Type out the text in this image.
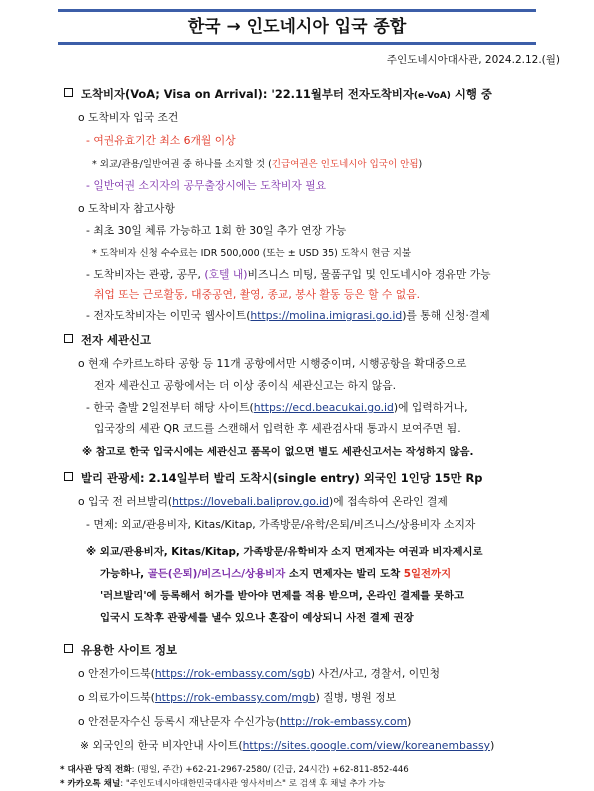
한국 → 인도네시아 입국 종합
주인도네시아대사관, 2024.2.12.(월)
도착비자(VoA; Visa on Arrival): '22.11월부터 전자도착비자(e-VoA) 시행 중
o 도착비자 입국 조건
- 여권유효기간 최소 6개월 이상
* 외교/관용/일반여권 중 하나를 소지할 것 (긴급여권은 인도네시아 입국이 안됨)
- 일반여권 소지자의 공무출장시에는 도착비자 필요
o 도착비자 참고사항
- 최초 30일 체류 가능하고 1회 한 30일 추가 연장 가능
* 도착비자 신청 수수료는 IDR 500,000 (또는 ± USD 35) 도착시 현금 지불
- 도착비자는 관광, 공무, (호텔 내)비즈니스 미팅, 물품구입 및 인도네시아 경유만 가능
취업 또는 근로활동, 대중공연, 촬영, 종교, 봉사 활동 등은 할 수 없음.
- 전자도착비자는 이민국 웹사이트(https://molina.imigrasi.go.id)를 통해 신청·결제
전자 세관신고
o 현재 수카르노하타 공항 등 11개 공항에서만 시행중이며, 시행공항을 확대중으로
전자 세관신고 공항에서는 더 이상 종이식 세관신고는 하지 않음.
- 한국 출발 2일전부터 해당 사이트(https://ecd.beacukai.go.id)에 입력하거나,
입국장의 세관 QR 코드를 스캔해서 입력한 후 세관검사대 통과시 보여주면 됨.
※ 참고로 한국 입국시에는 세관신고 품목이 없으면 별도 세관신고서는 작성하지 않음.
발리 관광세: 2.14일부터 발리 도착시(single entry) 외국인 1인당 15만 Rp
o 입국 전 러브발리(https://lovebali.baliprov.go.id)에 접속하여 온라인 결제
- 면제: 외교/관용비자, Kitas/Kitap, 가족방문/유학/은퇴/비즈니스/상용비자 소지자
※ 외교/관용비자, Kitas/Kitap, 가족방문/유학비자 소지 면제자는 여권과 비자제시로
가능하나, 골든(은퇴)/비즈니스/상용비자 소지 면제자는 발리 도착 5일전까지
'러브발리'에 등록해서 허가를 받아야 면제를 적용 받으며, 온라인 결제를 못하고
입국시 도착후 관광세를 낼수 있으나 혼잡이 예상되니 사전 결제 권장
유용한 사이트 정보
o 안전가이드북(https://rok-embassy.com/sgb) 사건/사고, 경찰서, 이민청
o 의료가이드북(https://rok-embassy.com/mgb) 질병, 병원 정보
o 안전문자수신 등록시 재난문자 수신가능(http://rok-embassy.com)
※ 외국인의 한국 비자안내 사이트(https://sites.google.com/view/koreanembassy)
* 대사관 당직 전화: (평일, 주간) +62-21-2967-2580/ (긴급, 24시간) +62-811-852-446
* 카카오톡 채널: "주인도네시아대한민국대사관 영사서비스" 로 검색 후 채널 추가 가능
